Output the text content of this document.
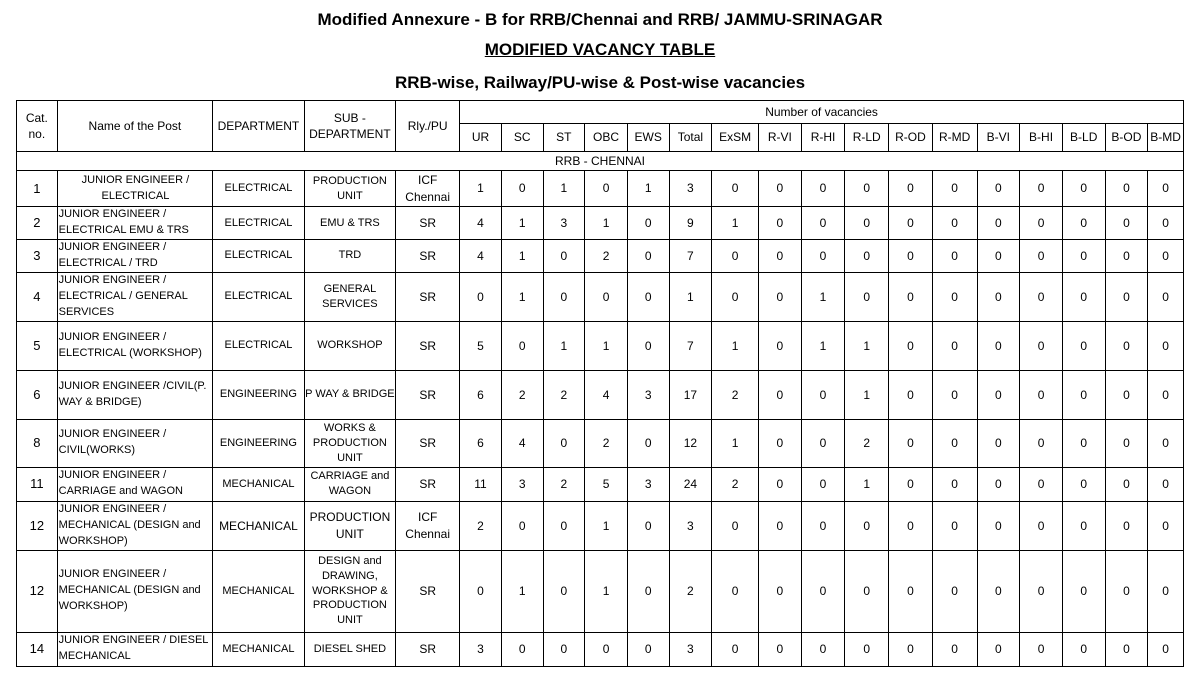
Modified Annexure - B for RRB/Chennai and RRB/ JAMMU-SRINAGAR
MODIFIED VACANCY TABLE
RRB-wise, Railway/PU-wise & Post-wise vacancies
Cat. no.	Name of the Post	DEPARTMENT	SUB - DEPARTMENT	Rly./PU	Number of vacancies																
					UR	SC	ST	OBC	EWS	Total	ExSM	R-VI	R-HI	R-LD	R-OD	R-MD	B-VI	B-HI	B-LD	B-OD	B-MD
RRB - CHENNAI																					
1	JUNIOR ENGINEER / ELECTRICAL	ELECTRICAL	PRODUCTION UNIT	ICF Chennai	1	0	1	0	1	3	0	0	0	0	0	0	0	0	0	0	0
2	JUNIOR ENGINEER / ELECTRICAL EMU & TRS	ELECTRICAL	EMU & TRS	SR	4	1	3	1	0	9	1	0	0	0	0	0	0	0	0	0	0
3	JUNIOR ENGINEER / ELECTRICAL / TRD	ELECTRICAL	TRD	SR	4	1	0	2	0	7	0	0	0	0	0	0	0	0	0	0	0
4	JUNIOR ENGINEER / ELECTRICAL / GENERAL SERVICES	ELECTRICAL	GENERAL SERVICES	SR	0	1	0	0	0	1	0	0	1	0	0	0	0	0	0	0	0
5	JUNIOR ENGINEER / ELECTRICAL (WORKSHOP)	ELECTRICAL	WORKSHOP	SR	5	0	1	1	0	7	1	0	1	1	0	0	0	0	0	0	0
6	JUNIOR ENGINEER /CIVIL(P. WAY & BRIDGE)	ENGINEERING	P WAY & BRIDGE	SR	6	2	2	4	3	17	2	0	0	1	0	0	0	0	0	0	0
8	JUNIOR ENGINEER / CIVIL(WORKS)	ENGINEERING	WORKS & PRODUCTION UNIT	SR	6	4	0	2	0	12	1	0	0	2	0	0	0	0	0	0	0
11	JUNIOR ENGINEER / CARRIAGE and WAGON	MECHANICAL	CARRIAGE and WAGON	SR	11	3	2	5	3	24	2	0	0	1	0	0	0	0	0	0	0
12	JUNIOR ENGINEER / MECHANICAL (DESIGN and WORKSHOP)	MECHANICAL	PRODUCTION UNIT	ICF Chennai	2	0	0	1	0	3	0	0	0	0	0	0	0	0	0	0	0
12	JUNIOR ENGINEER / MECHANICAL (DESIGN and WORKSHOP)	MECHANICAL	DESIGN and DRAWING, WORKSHOP & PRODUCTION UNIT	SR	0	1	0	1	0	2	0	0	0	0	0	0	0	0	0	0	0
14	JUNIOR ENGINEER / DIESEL MECHANICAL	MECHANICAL	DIESEL SHED	SR	3	0	0	0	0	3	0	0	0	0	0	0	0	0	0	0	0
